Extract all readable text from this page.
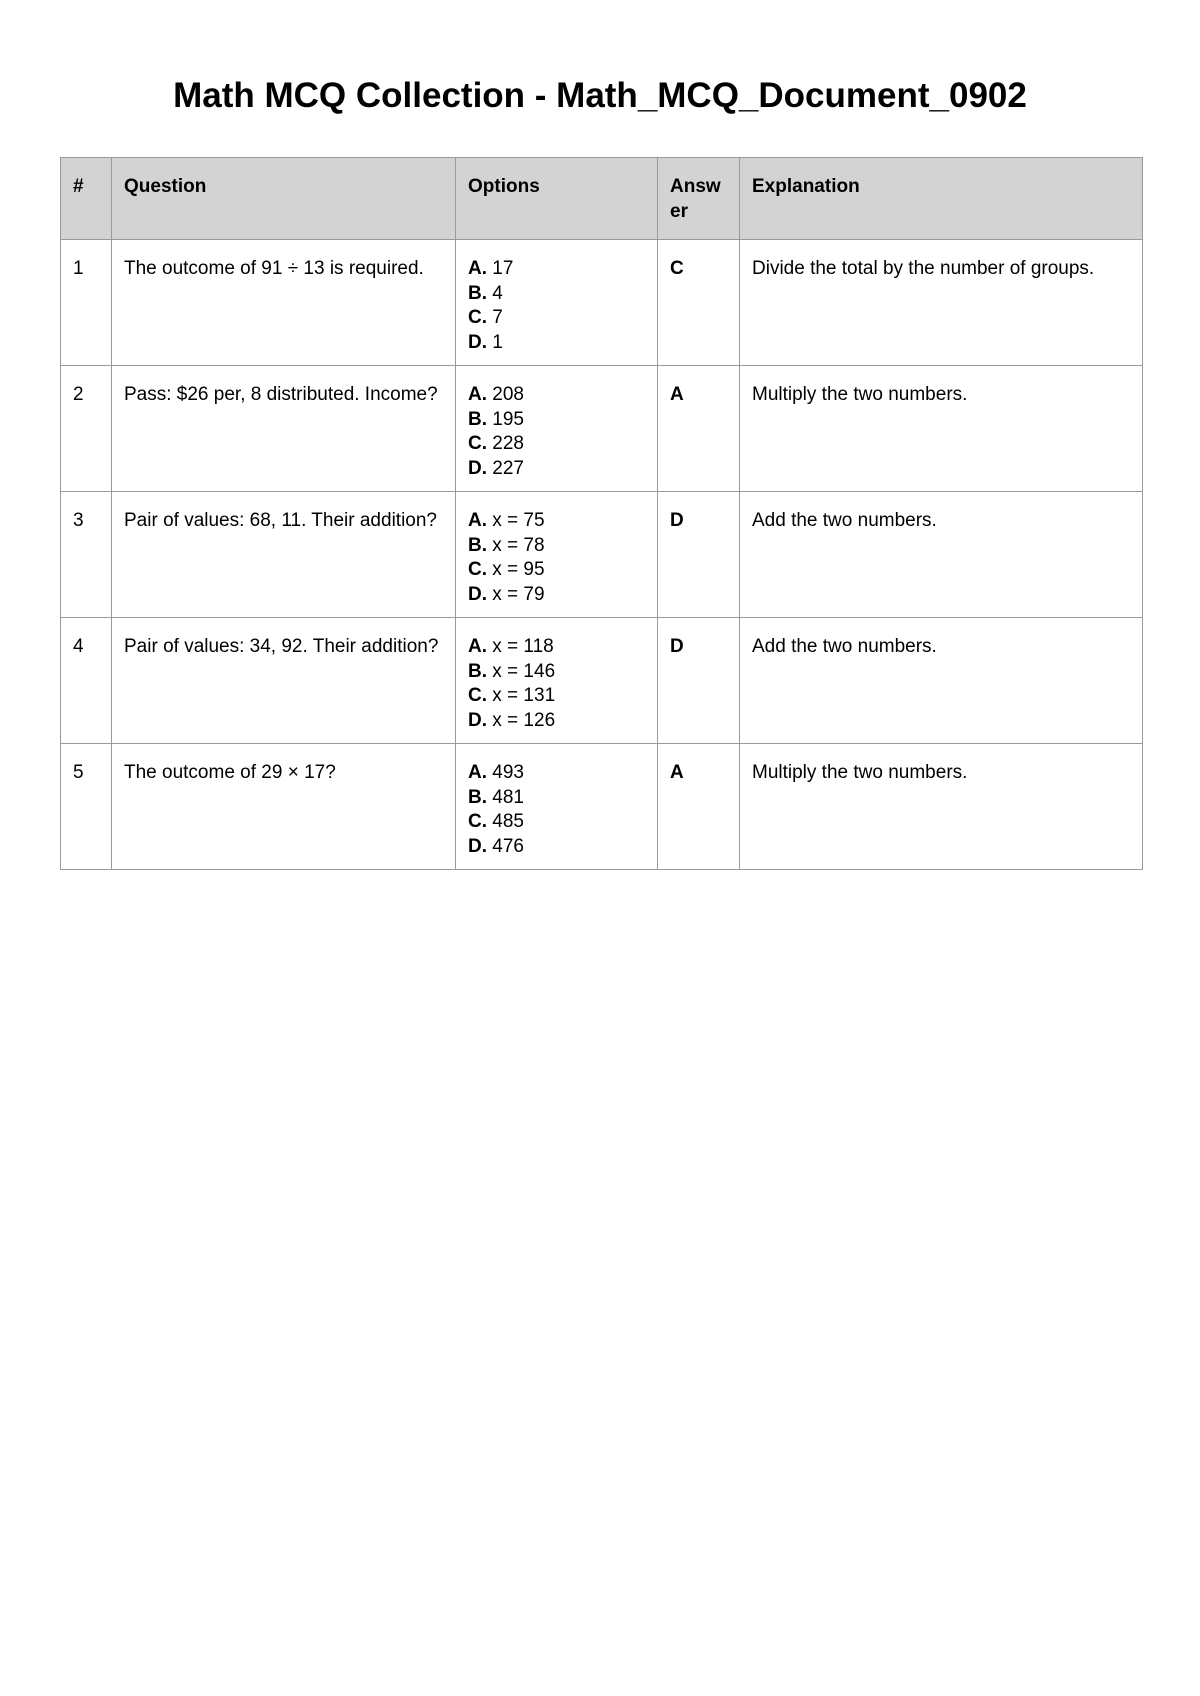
Math MCQ Collection - Math_MCQ_Document_0902
#	Question	Options	Answ er	Explanation
1	The outcome of 91 ÷ 13 is required.	A. 17
B. 4
C. 7
D. 1	C	Divide the total by the number of groups.
2	Pass: $26 per, 8 distributed. Income?	A. 208
B. 195
C. 228
D. 227	A	Multiply the two numbers.
3	Pair of values: 68, 11. Their addition?	A. x = 75
B. x = 78
C. x = 95
D. x = 79	D	Add the two numbers.
4	Pair of values: 34, 92. Their addition?	A. x = 118
B. x = 146
C. x = 131
D. x = 126	D	Add the two numbers.
5	The outcome of 29 × 17?	A. 493
B. 481
C. 485
D. 476	A	Multiply the two numbers.
